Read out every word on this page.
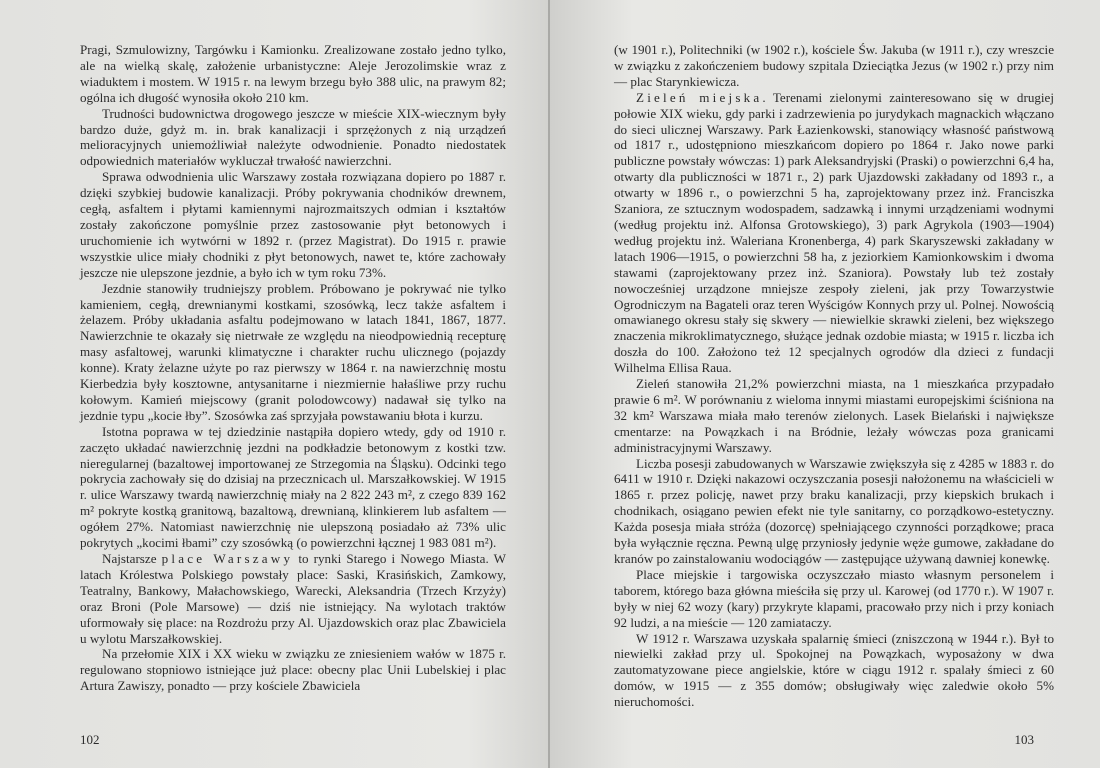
Pragi, Szmulowizny, Targówku i Kamionku. Zrealizowane zostało jedno tylko, ale na wielką skalę, założenie urbanistyczne: Aleje Jerozolimskie wraz z wiaduktem i mostem. W 1915 r. na lewym brzegu było 388 ulic, na prawym 82; ogólna ich długość wynosiła około 210 km.

Trudności budownictwa drogowego jeszcze w mieście XIX-wiecznym były bardzo duże, gdyż m. in. brak kanalizacji i sprzężonych z nią urządzeń melioracyjnych uniemożliwiał należyte odwodnienie. Ponadto niedostatek odpowiednich materiałów wykluczał trwałość nawierzchni.

Sprawa odwodnienia ulic Warszawy została rozwiązana dopiero po 1887 r. dzięki szybkiej budowie kanalizacji. Próby pokrywania chodników drewnem, cegłą, asfaltem i płytami kamiennymi najrozmaitszych odmian i kształtów zostały zakończone pomyślnie przez zastosowanie płyt betonowych i uruchomienie ich wytwórni w 1892 r. (przez Magistrat). Do 1915 r. prawie wszystkie ulice miały chodniki z płyt betonowych, nawet te, które zachowały jeszcze nie ulepszone jezdnie, a było ich w tym roku 73%.

Jezdnie stanowiły trudniejszy problem. Próbowano je pokrywać nie tylko kamieniem, cegłą, drewnianymi kostkami, szosówką, lecz także asfaltem i żelazem. Próby układania asfaltu podejmowano w latach 1841, 1867, 1877. Nawierzchnie te okazały się nietrwałe ze względu na nieodpowiednią recepturę masy asfaltowej, warunki klimatyczne i charakter ruchu ulicznego (pojazdy konne). Kraty żelazne użyte po raz pierwszy w 1864 r. na nawierzchnię mostu Kierbedzia były kosztowne, antysanitarne i niezmiernie hałaśliwe przy ruchu kołowym. Kamień miejscowy (granit polodowcowy) nadawał się tylko na jezdnie typu „kocie łby”. Szosówka zaś sprzyjała powstawaniu błota i kurzu.

Istotna poprawa w tej dziedzinie nastąpiła dopiero wtedy, gdy od 1910 r. zaczęto układać nawierzchnię jezdni na podkładzie betonowym z kostki tzw. nieregularnej (bazaltowej importowanej ze Strzegomia na Śląsku). Odcinki tego pokrycia zachowały się do dzisiaj na przecznicach ul. Marszałkowskiej. W 1915 r. ulice Warszawy twardą nawierzchnię miały na 2 822 243 m², z czego 839 162 m² pokryte kostką granitową, bazaltową, drewnianą, klinkierem lub asfaltem — ogółem 27%. Natomiast nawierzchnię nie ulepszoną posiadało aż 73% ulic pokrytych „kocimi łbami” czy szosówką (o powierzchni łącznej 1 983 081 m²).

Najstarsze place Warszawy to rynki Starego i Nowego Miasta. W latach Królestwa Polskiego powstały place: Saski, Krasińskich, Zamkowy, Teatralny, Bankowy, Małachowskiego, Warecki, Aleksandria (Trzech Krzyży) oraz Broni (Pole Marsowe) — dziś nie istniejący. Na wylotach traktów uformowały się place: na Rozdrożu przy Al. Ujazdowskich oraz plac Zbawiciela u wylotu Marszałkowskiej.

Na przełomie XIX i XX wieku w związku ze zniesieniem wałów w 1875 r. regulowano stopniowo istniejące już place: obecny plac Unii Lubelskiej i plac Artura Zawiszy, ponadto — przy kościele Zbawiciela

102

(w 1901 r.), Politechniki (w 1902 r.), kościele Św. Jakuba (w 1911 r.), czy wreszcie w związku z zakończeniem budowy szpitala Dzieciątka Jezus (w 1902 r.) przy nim — plac Starynkiewicza.

Zieleń miejska. Terenami zielonymi zainteresowano się w drugiej połowie XIX wieku, gdy parki i zadrzewienia po jurydykach magnackich włączano do sieci ulicznej Warszawy. Park Łazienkowski, stanowiący własność państwową od 1817 r., udostępniono mieszkańcom dopiero po 1864 r. Jako nowe parki publiczne powstały wówczas: 1) park Aleksandryjski (Praski) o powierzchni 6,4 ha, otwarty dla publiczności w 1871 r., 2) park Ujazdowski zakładany od 1893 r., a otwarty w 1896 r., o powierzchni 5 ha, zaprojektowany przez inż. Franciszka Szaniora, ze sztucznym wodospadem, sadzawką i innymi urządzeniami wodnymi (według projektu inż. Alfonsa Grotowskiego), 3) park Agrykola (1903—1904) według projektu inż. Waleriana Kronenberga, 4) park Skaryszewski zakładany w latach 1906—1915, o powierzchni 58 ha, z jeziorkiem Kamionkowskim i dwoma stawami (zaprojektowany przez inż. Szaniora). Powstały lub też zostały nowocześniej urządzone mniejsze zespoły zieleni, jak przy Towarzystwie Ogrodniczym na Bagateli oraz teren Wyścigów Konnych przy ul. Polnej. Nowością omawianego okresu stały się skwery — niewielkie skrawki zieleni, bez większego znaczenia mikroklimatycznego, służące jednak ozdobie miasta; w 1915 r. liczba ich doszła do 100. Założono też 12 specjalnych ogrodów dla dzieci z fundacji Wilhelma Ellisa Raua.

Zieleń stanowiła 21,2% powierzchni miasta, na 1 mieszkańca przypadało prawie 6 m². W porównaniu z wieloma innymi miastami europejskimi ściśniona na 32 km² Warszawa miała mało terenów zielonych. Lasek Bielański i największe cmentarze: na Powązkach i na Bródnie, leżały wówczas poza granicami administracyjnymi Warszawy.

Liczba posesji zabudowanych w Warszawie zwiększyła się z 4285 w 1883 r. do 6411 w 1910 r. Dzięki nakazowi oczyszczania posesji nałożonemu na właścicieli w 1865 r. przez policję, nawet przy braku kanalizacji, przy kiepskich brukach i chodnikach, osiągano pewien efekt nie tyle sanitarny, co porządkowo-estetyczny. Każda posesja miała stróża (dozorcę) spełniającego czynności porządkowe; praca była wyłącznie ręczna. Pewną ulgę przyniosły jedynie węże gumowe, zakładane do kranów po zainstalowaniu wodociągów — zastępujące używaną dawniej konewkę.

Place miejskie i targowiska oczyszczało miasto własnym personelem i taborem, którego baza główna mieściła się przy ul. Karowej (od 1770 r.). W 1907 r. były w niej 62 wozy (kary) przykryte klapami, pracowało przy nich i przy koniach 92 ludzi, a na mieście — 120 zamiataczy.

W 1912 r. Warszawa uzyskała spalarnię śmieci (zniszczoną w 1944 r.). Był to niewielki zakład przy ul. Spokojnej na Powązkach, wyposażony w dwa zautomatyzowane piece angielskie, które w ciągu 1912 r. spalały śmieci z 60 domów, w 1915 — z 355 domów; obsługiwały więc zaledwie około 5% nieruchomości.

103
